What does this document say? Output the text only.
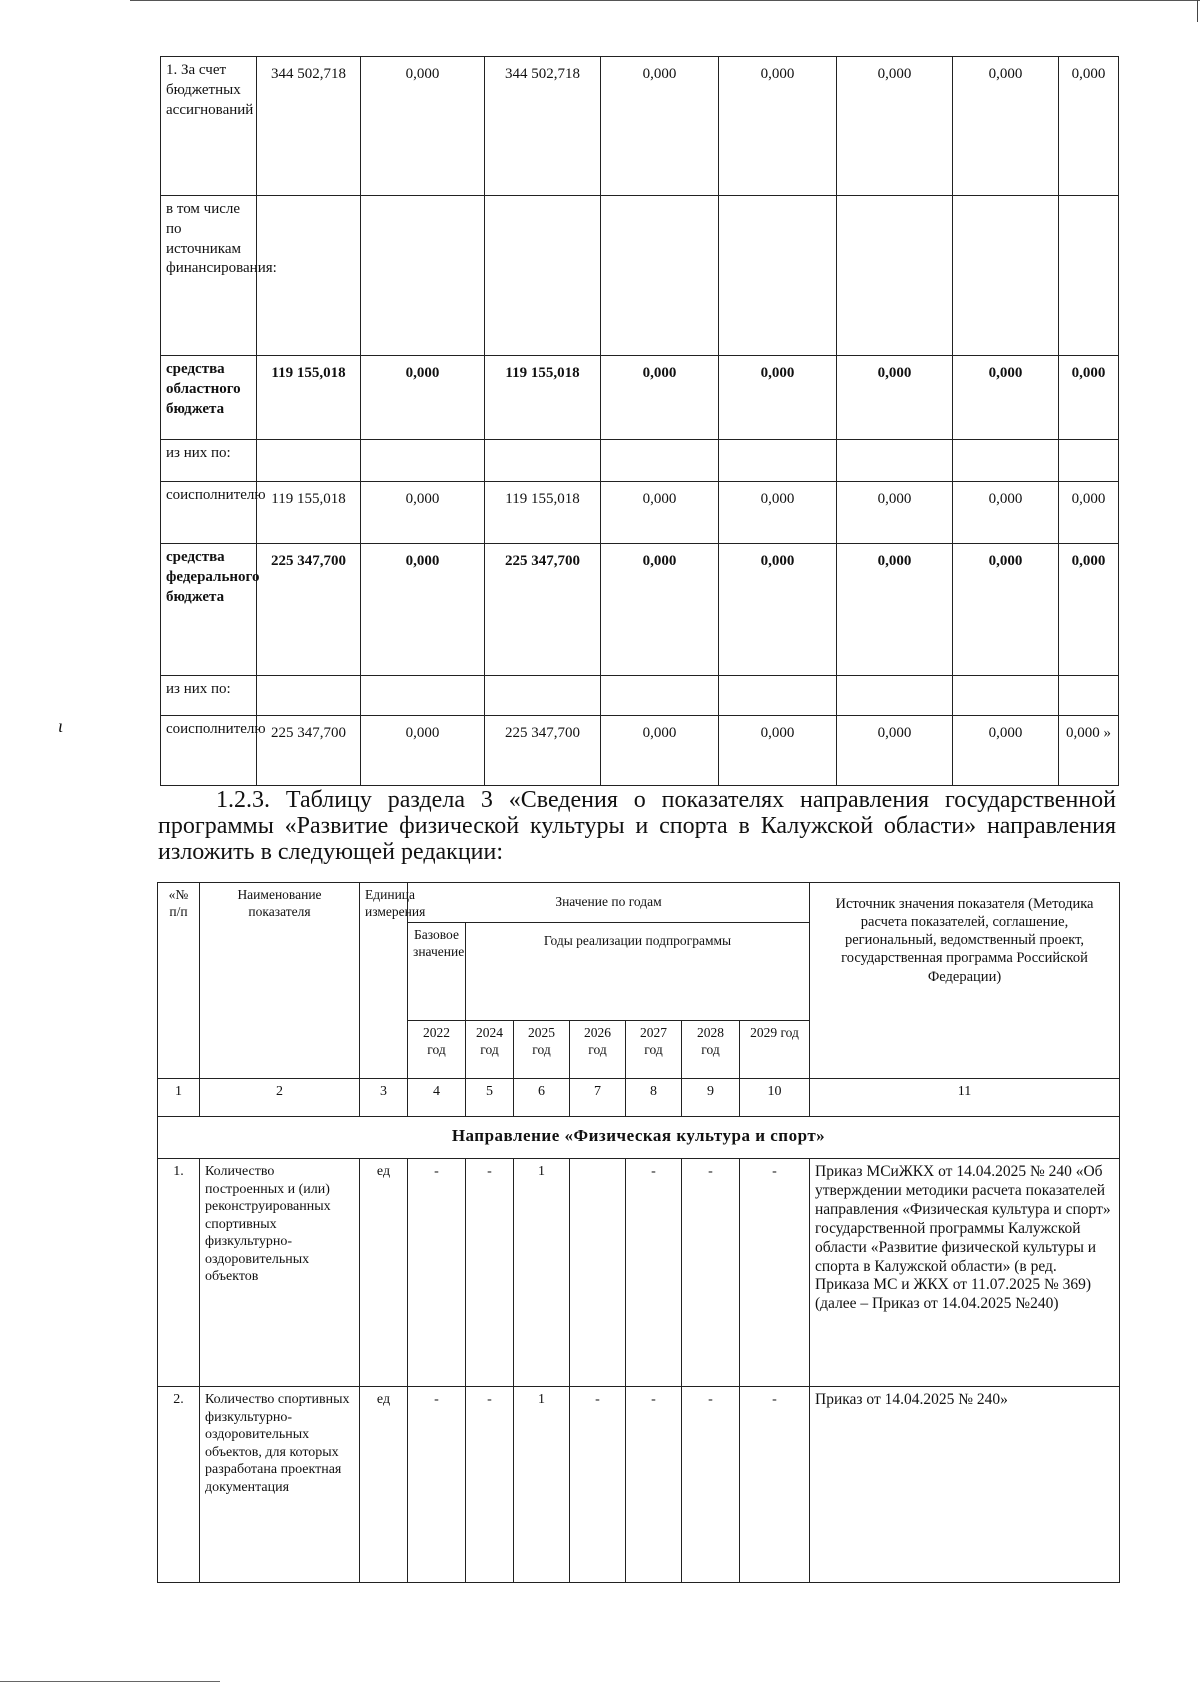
ɩ
1. За счет бюджетных ассигнований	344 502,718	0,000	344 502,718	0,000	0,000	0,000	0,000	0,000
в том числе по источникам финансирования:								
средства областного бюджета	119 155,018	0,000	119 155,018	0,000	0,000	0,000	0,000	0,000
из них по:								
соисполнителю	119 155,018	0,000	119 155,018	0,000	0,000	0,000	0,000	0,000
средства федерального бюджета	225 347,700	0,000	225 347,700	0,000	0,000	0,000	0,000	0,000
из них по:								
соисполнителю	225 347,700	0,000	225 347,700	0,000	0,000	0,000	0,000	0,000 »
1.2.3. Таблицу раздела 3 «Сведения о показателях направления государственной программы «Развитие физической культуры и спорта в Калужской области» направления изложить в следующей редакции:
«№ п/п	Наименование показателя	Единица измерения	Значение по годам							Источник значения показателя (Методика расчета показателей, соглашение, региональный, ведомственный проект, государственная программа Российской Федерации)
			Базовое значение	Годы реализации подпрограммы						
			2022 год	2024 год	2025 год	2026 год	2027 год	2028 год	2029 год	
1	2	3	4	5	6	7	8	9	10	11
Направление «Физическая культура и спорт»										
1.	Количество построенных и (или) реконструированных спортивных физкультурно-оздоровительных объектов	ед	-	-	1		-	-	-	Приказ МСиЖКХ от 14.04.2025 № 240 «Об утверждении методики расчета показателей направления «Физическая культура и спорт» государственной программы Калужской области «Развитие физической культуры и спорта в Калужской области» (в ред. Приказа МС и ЖКХ от 11.07.2025 № 369) (далее – Приказ от 14.04.2025 №240)
2.	Количество спортивных физкультурно-оздоровительных объектов, для которых разработана проектная документация	ед	-	-	1	-	-	-	-	Приказ от 14.04.2025 № 240»
